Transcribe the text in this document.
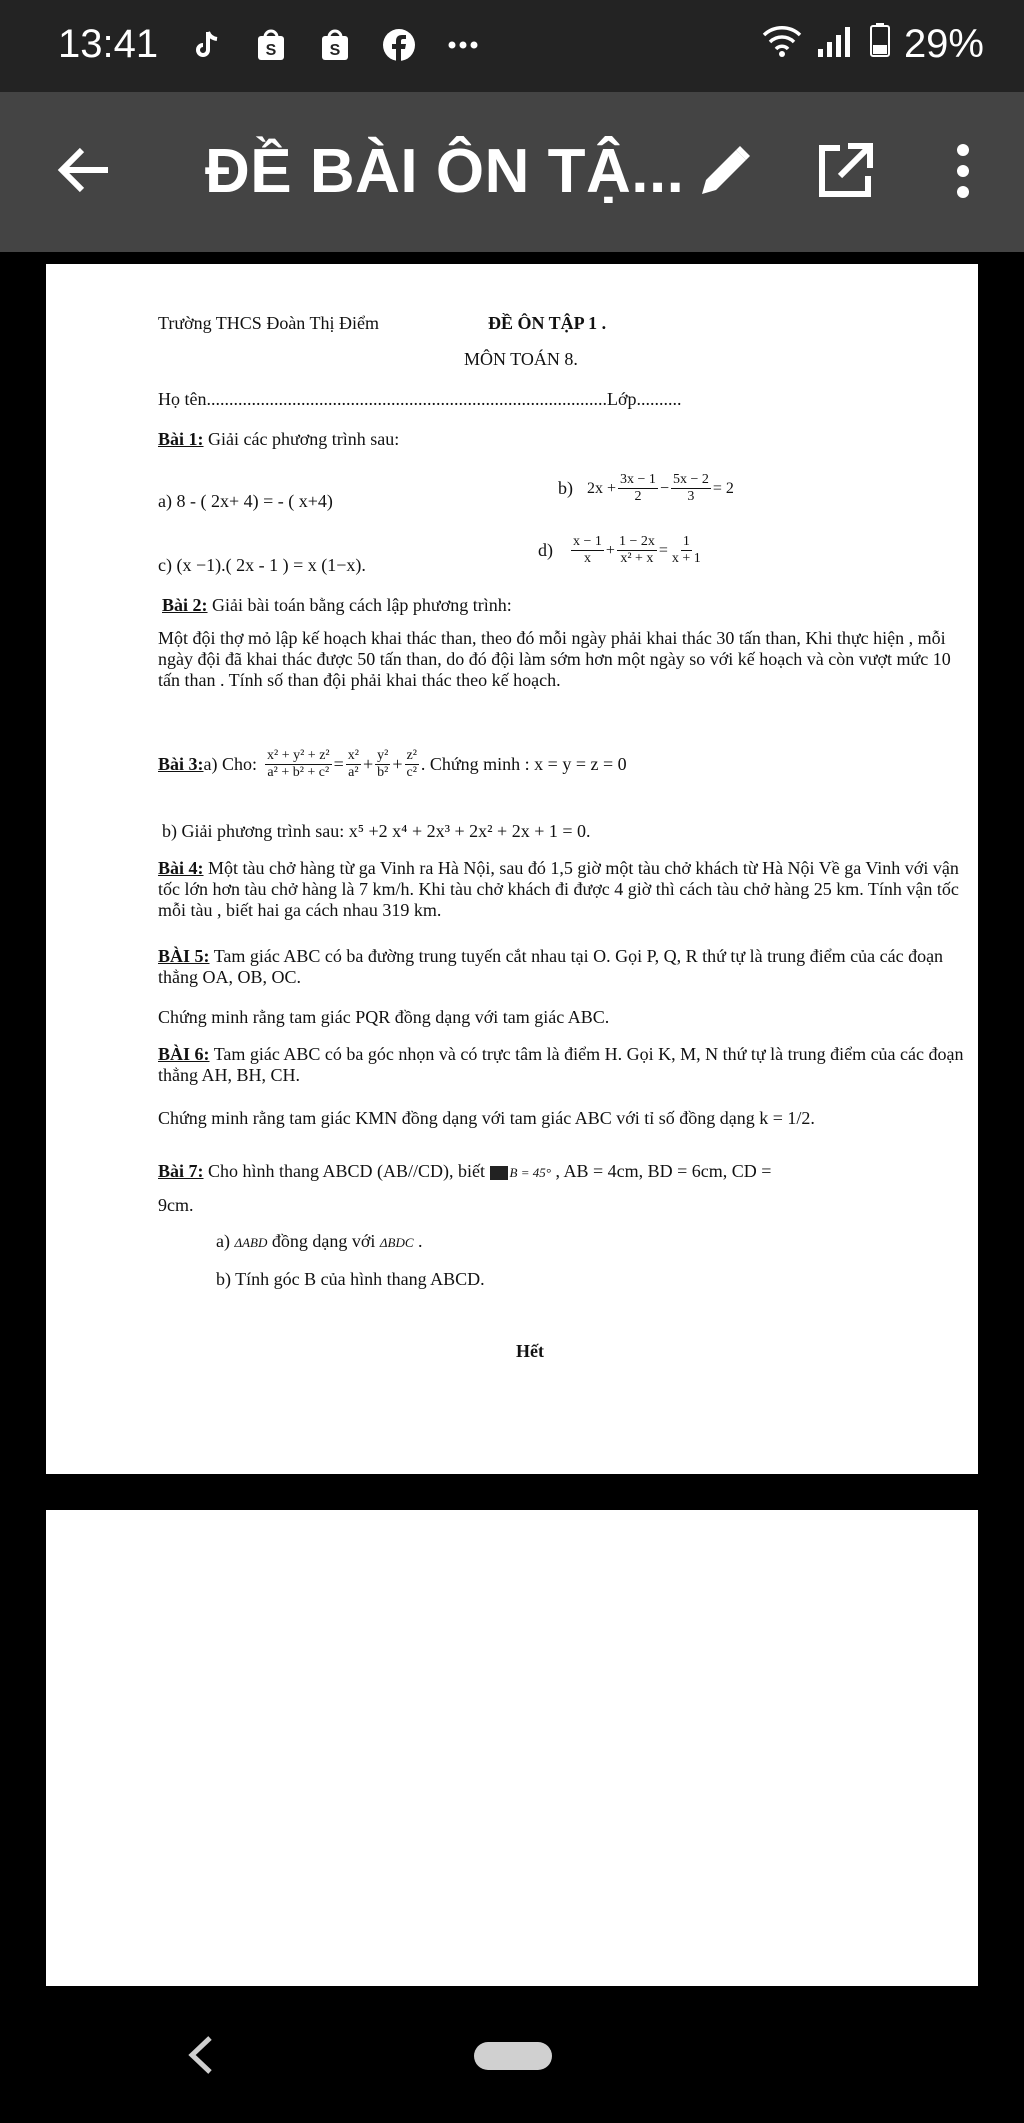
13:41	S	S	29%
ĐỀ BÀI ÔN TẬ...
Trường THCS Đoàn Thị Điểm	ĐỀ ÔN TẬP 1 .
MÔN TOÁN 8.
Họ tên.........................................................................................Lớp..........
Bài 1: Giải các phương trình sau:
a) 8 - ( 2x+ 4) = - ( x+4)
b) $2x + \frac{3x - 1}{2} - \frac{5x - 2}{3} = 2$
c) (x −1).( 2x - 1 ) = x (1−x).
$d) \frac{x - 1}{x} + \frac{1 - 2x}{\text{x² + x}} = \frac{1}{x + 1}$
Bài 2: Giải bài toán bằng cách lập phương trình:
Một đội thợ mỏ lập kế hoạch khai thác than, theo đó mỗi ngày phải khai thác 30 tấn than, Khi thực hiện , mỗi ngày đội đã khai thác được 50 tấn than, do đó đội làm sớm hơn một ngày so với kế hoạch và còn vượt mức 10 tấn than . Tính số than đội phải khai thác theo kế hoạch.
Bài 3: a) Cho: $\frac{\text{x² + y² + z²}}{\text{a² + b² + c²}} = \frac{\text{x²}}{\text{a²}} + \frac{\text{y²}}{\text{b²}} + \frac{\text{z²}}{\text{c²}}$ . Chứng minh : x = y = z = 0
b) Giải phương trình sau: x⁵ +2 x⁴ + 2x³ + 2x² + 2x + 1 = 0.
Bài 4: Một tàu chở hàng từ ga Vinh ra Hà Nội, sau đó 1,5 giờ một tàu chở khách từ Hà Nội Về ga Vinh với vận tốc lớn hơn tàu chở hàng là 7 km/h. Khi tàu chở khách đi được 4 giờ thì cách tàu chở hàng 25 km. Tính vận tốc mỗi tàu , biết hai ga cách nhau 319 km.
BÀI 5: Tam giác ABC có ba đường trung tuyến cắt nhau tại O. Gọi P, Q, R thứ tự là trung điểm của các đoạn thẳng OA, OB, OC.
Chứng minh rằng tam giác PQR đồng dạng với tam giác ABC.
BÀI 6: Tam giác ABC có ba góc nhọn và có trực tâm là điểm H. Gọi K, M, N thứ tự là trung điểm của các đoạn thẳng AH, BH, CH.
Chứng minh rằng tam giác KMN đồng dạng với tam giác ABC với tỉ số đồng dạng k = 1/2.
Bài 7: Cho hình thang ABCD (AB//CD), biết B = 45° , AB = 4cm, BD = 6cm, CD =
9cm.
a) ΔABD đồng dạng với ΔBDC .
b) Tính góc B của hình thang ABCD.
Hết
